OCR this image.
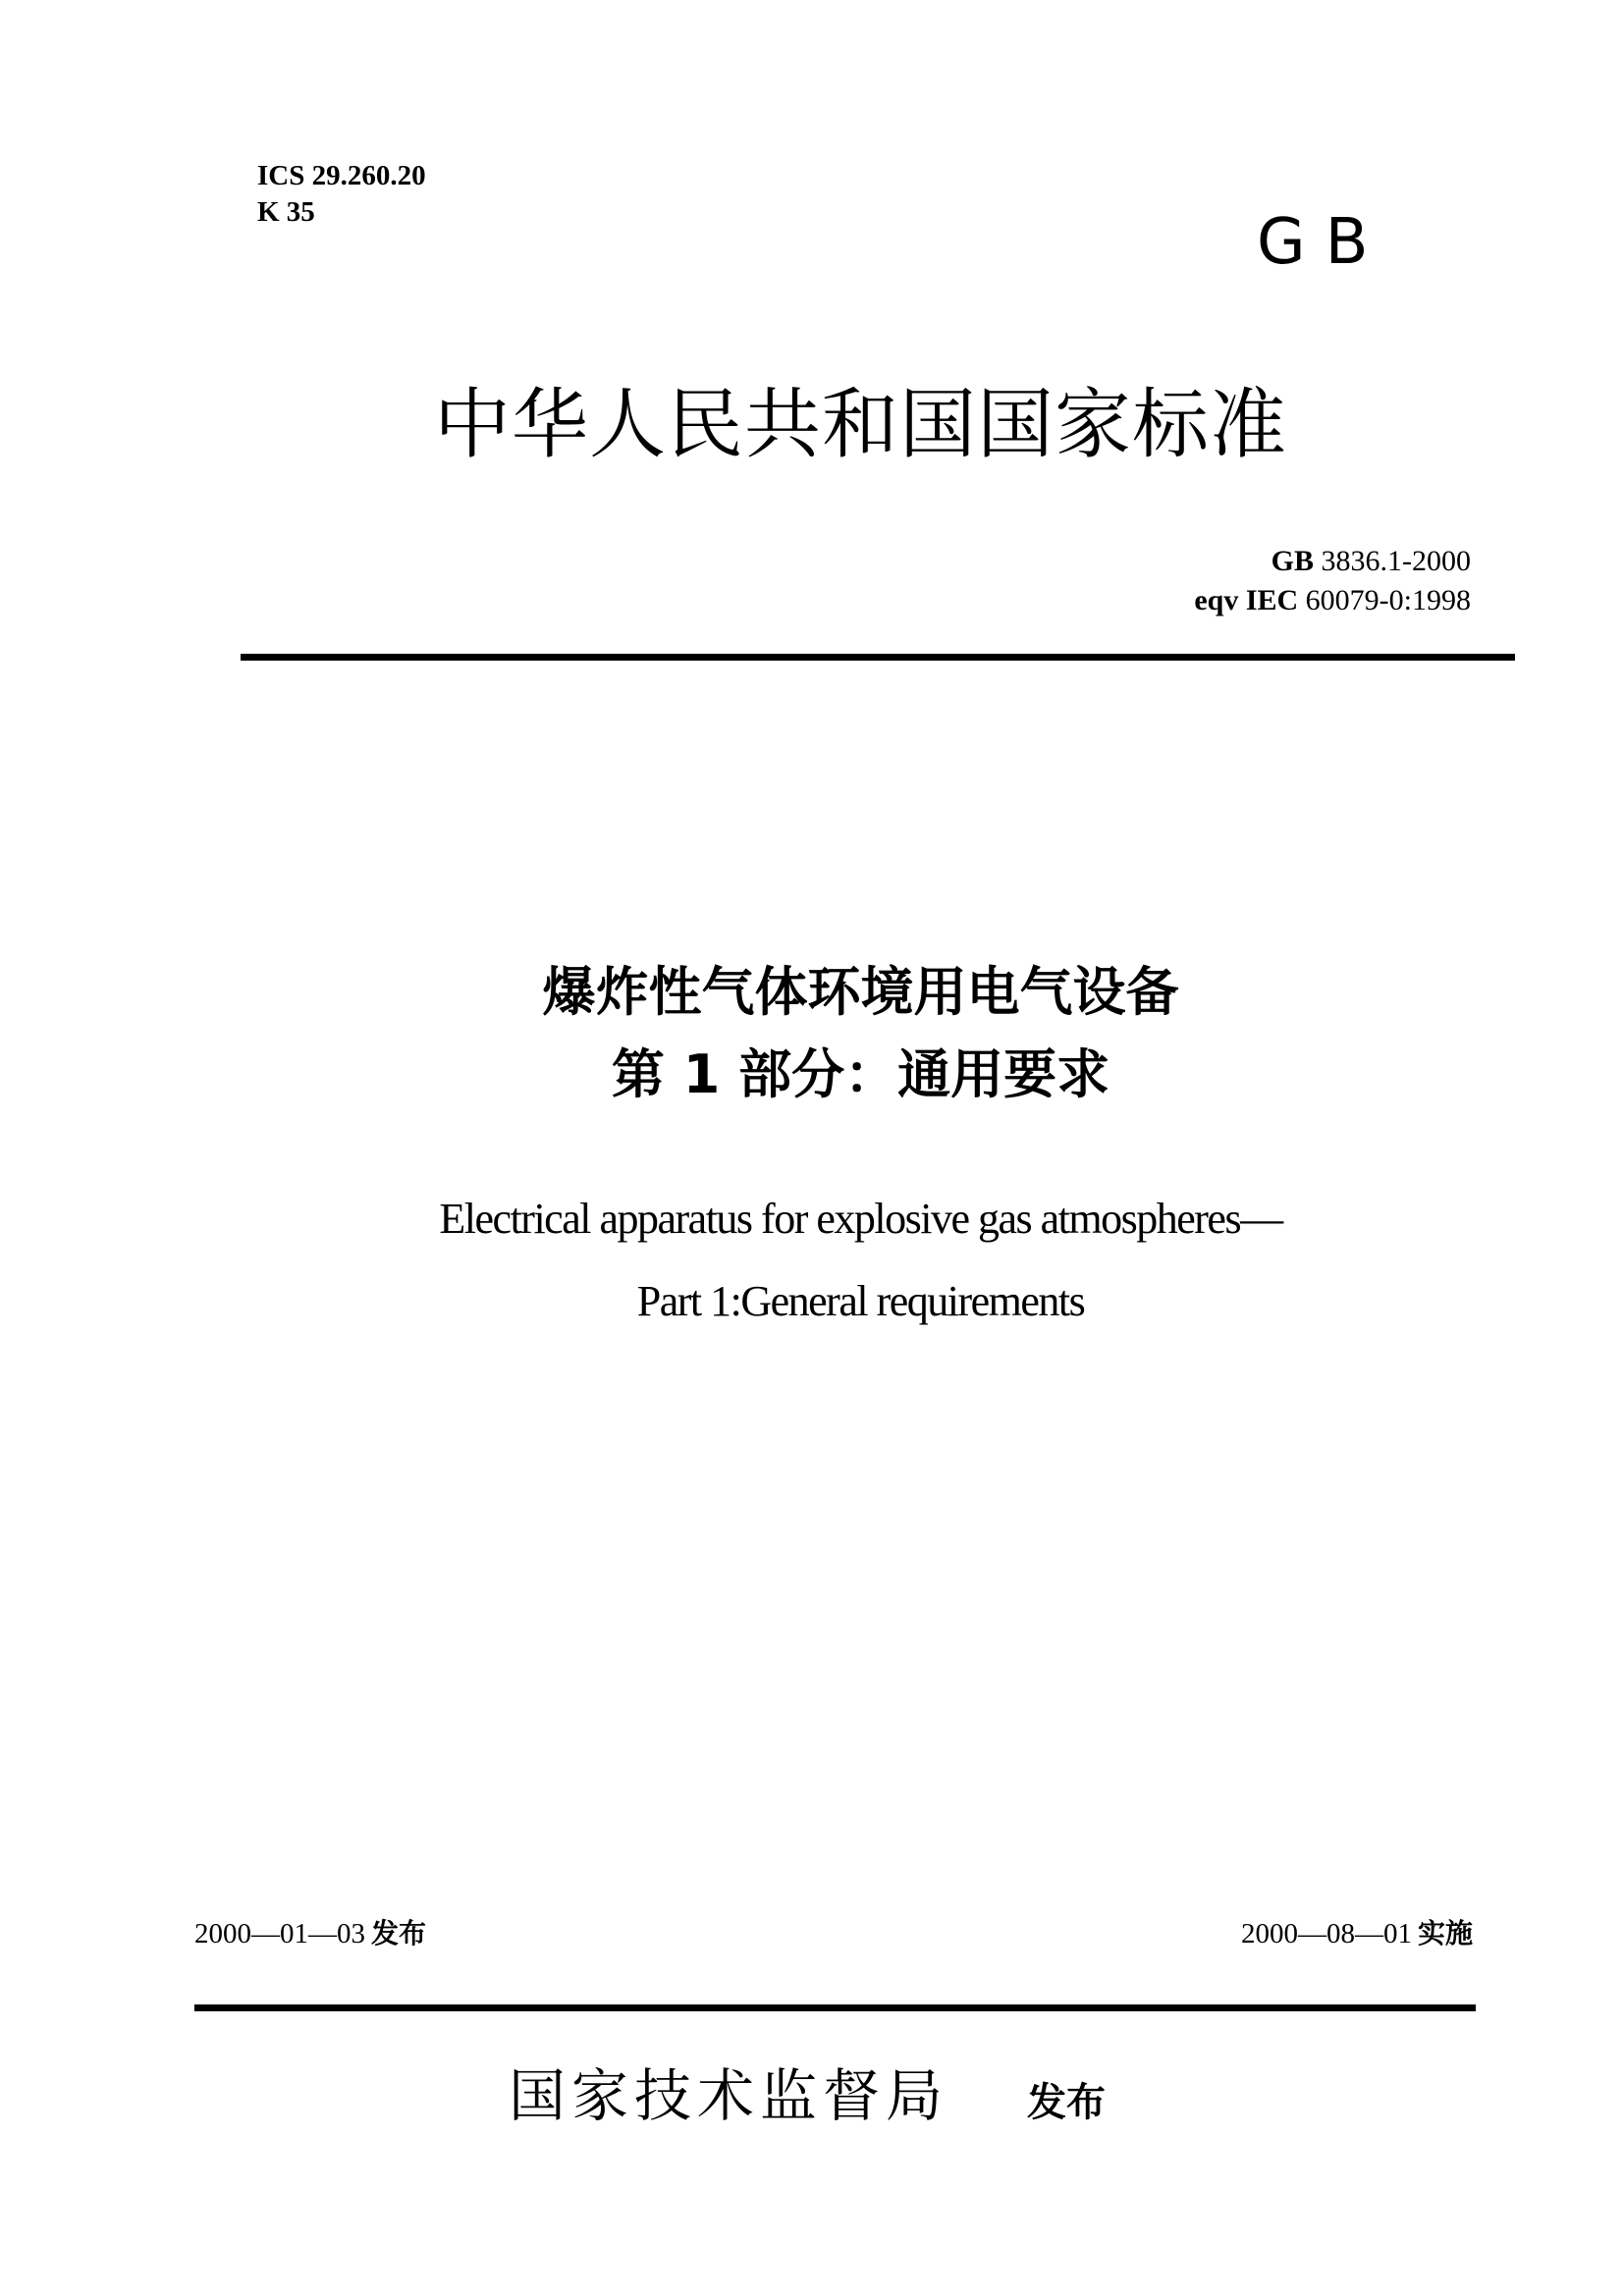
ICS 29.260.20
K 35	GB
中华人民共和国国家标准
GB 3836.1-2000
eqv IEC 60079-0:1998
爆炸性气体环境用电气设备
第 1 部分：通用要求
Electrical apparatus for explosive gas atmospheres—
Part 1:General requirements
2000—01—03 发布	2000—08—01 实施
国家技术监督局 发布
